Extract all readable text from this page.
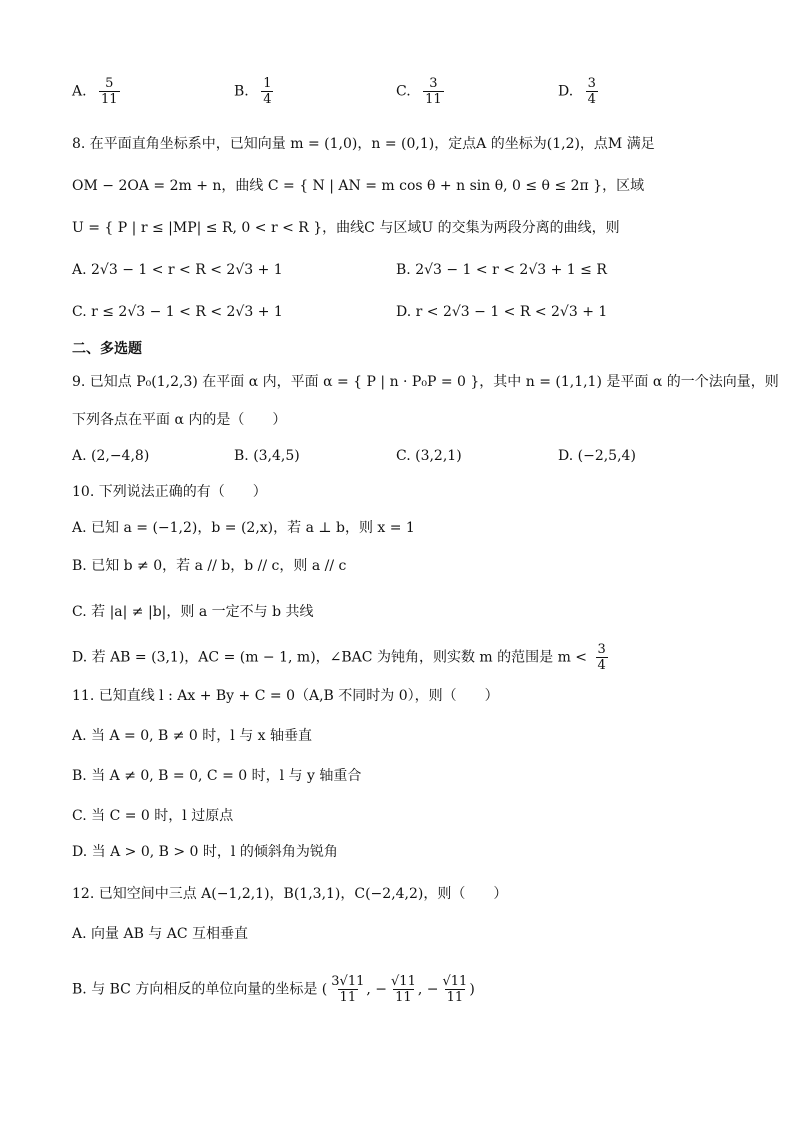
A. $\frac{5}{11}$	B. $\frac{1}{4}$	C. $\frac{3}{11}$	D. $\frac{3}{4}$
8. 在平面直角坐标系中，已知向量 m = (1,0)，n = (0,1)，定点A 的坐标为(1,2)，点M 满足
OM − 2OA = 2m + n，曲线 C = { N | AN = m cos θ + n sin θ, 0 ≤ θ ≤ 2π }，区域
U = { P | r ≤ |MP| ≤ R, 0 < r < R }，曲线C 与区域U 的交集为两段分离的曲线，则
A. 2√3 − 1 < r < R < 2√3 + 1	B. 2√3 − 1 < r < 2√3 + 1 ≤ R
C. r ≤ 2√3 − 1 < R < 2√3 + 1	D. r < 2√3 − 1 < R < 2√3 + 1
二、多选题
9. 已知点 P₀(1,2,3) 在平面 α 内，平面 α = { P | n · P₀P = 0 }，其中 n = (1,1,1) 是平面 α 的一个法向量，则
下列各点在平面 α 内的是（　　）
A. (2,−4,8)	B. (3,4,5)	C. (3,2,1)	D. (−2,5,4)
10. 下列说法正确的有（　　）
A. 已知 a = (−1,2)，b = (2,x)，若 a ⊥ b，则 x = 1
B. 已知 b ≠ 0，若 a // b，b // c，则 a // c
C. 若 |a| ≠ |b|，则 a 一定不与 b 共线
D. 若 AB = (3,1)，AC = (m − 1, m)，∠BAC 为钝角，则实数 m 的范围是 $m < \frac{3}{4}$
11. 已知直线 l : Ax + By + C = 0（A,B 不同时为 0），则（　　）
A. 当 A = 0, B ≠ 0 时，l 与 x 轴垂直
B. 当 A ≠ 0, B = 0, C = 0 时，l 与 y 轴重合
C. 当 C = 0 时，l 过原点
D. 当 A > 0, B > 0 时，l 的倾斜角为锐角
12. 已知空间中三点 A(−1,2,1)，B(1,3,1)，C(−2,4,2)，则（　　）
A. 向量 AB 与 AC 互相垂直
B. 与 BC 方向相反的单位向量的坐标是 ( $\frac{3√11}{11}$ , − $\frac{√11}{11}$ , − $\frac{√11}{11}$ )
